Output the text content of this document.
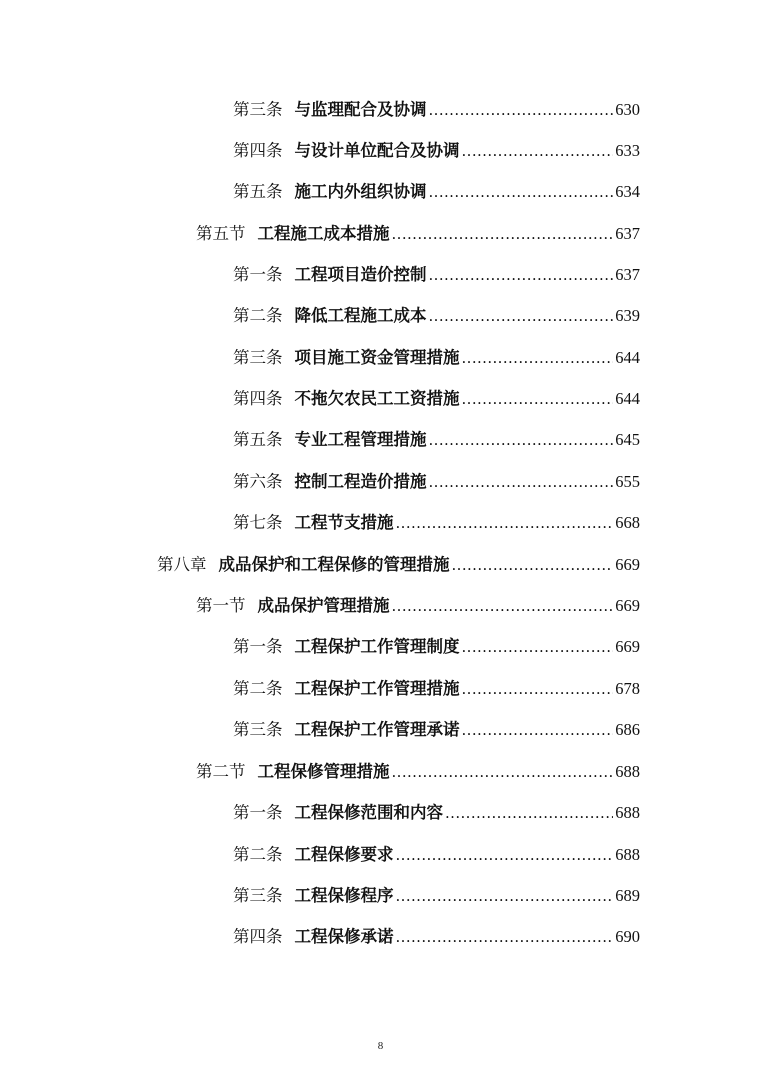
第三条 与监理配合及协调 .....	630
第四条 与设计单位配合及协调 .....	633
第五条 施工内外组织协调 .....	634
第五节 工程施工成本措施 .....	637
第一条 工程项目造价控制 .....	637
第二条 降低工程施工成本 .....	639
第三条 项目施工资金管理措施 .....	644
第四条 不拖欠农民工工资措施 .....	644
第五条 专业工程管理措施 .....	645
第六条 控制工程造价措施 .....	655
第七条 工程节支措施 .....	668
第八章 成品保护和工程保修的管理措施 .....	669
第一节 成品保护管理措施 .....	669
第一条 工程保护工作管理制度 .....	669
第二条 工程保护工作管理措施 .....	678
第三条 工程保护工作管理承诺 .....	686
第二节 工程保修管理措施 .....	688
第一条 工程保修范围和内容 .....	688
第二条 工程保修要求 .....	688
第三条 工程保修程序 .....	689
第四条 工程保修承诺 .....	690
8
